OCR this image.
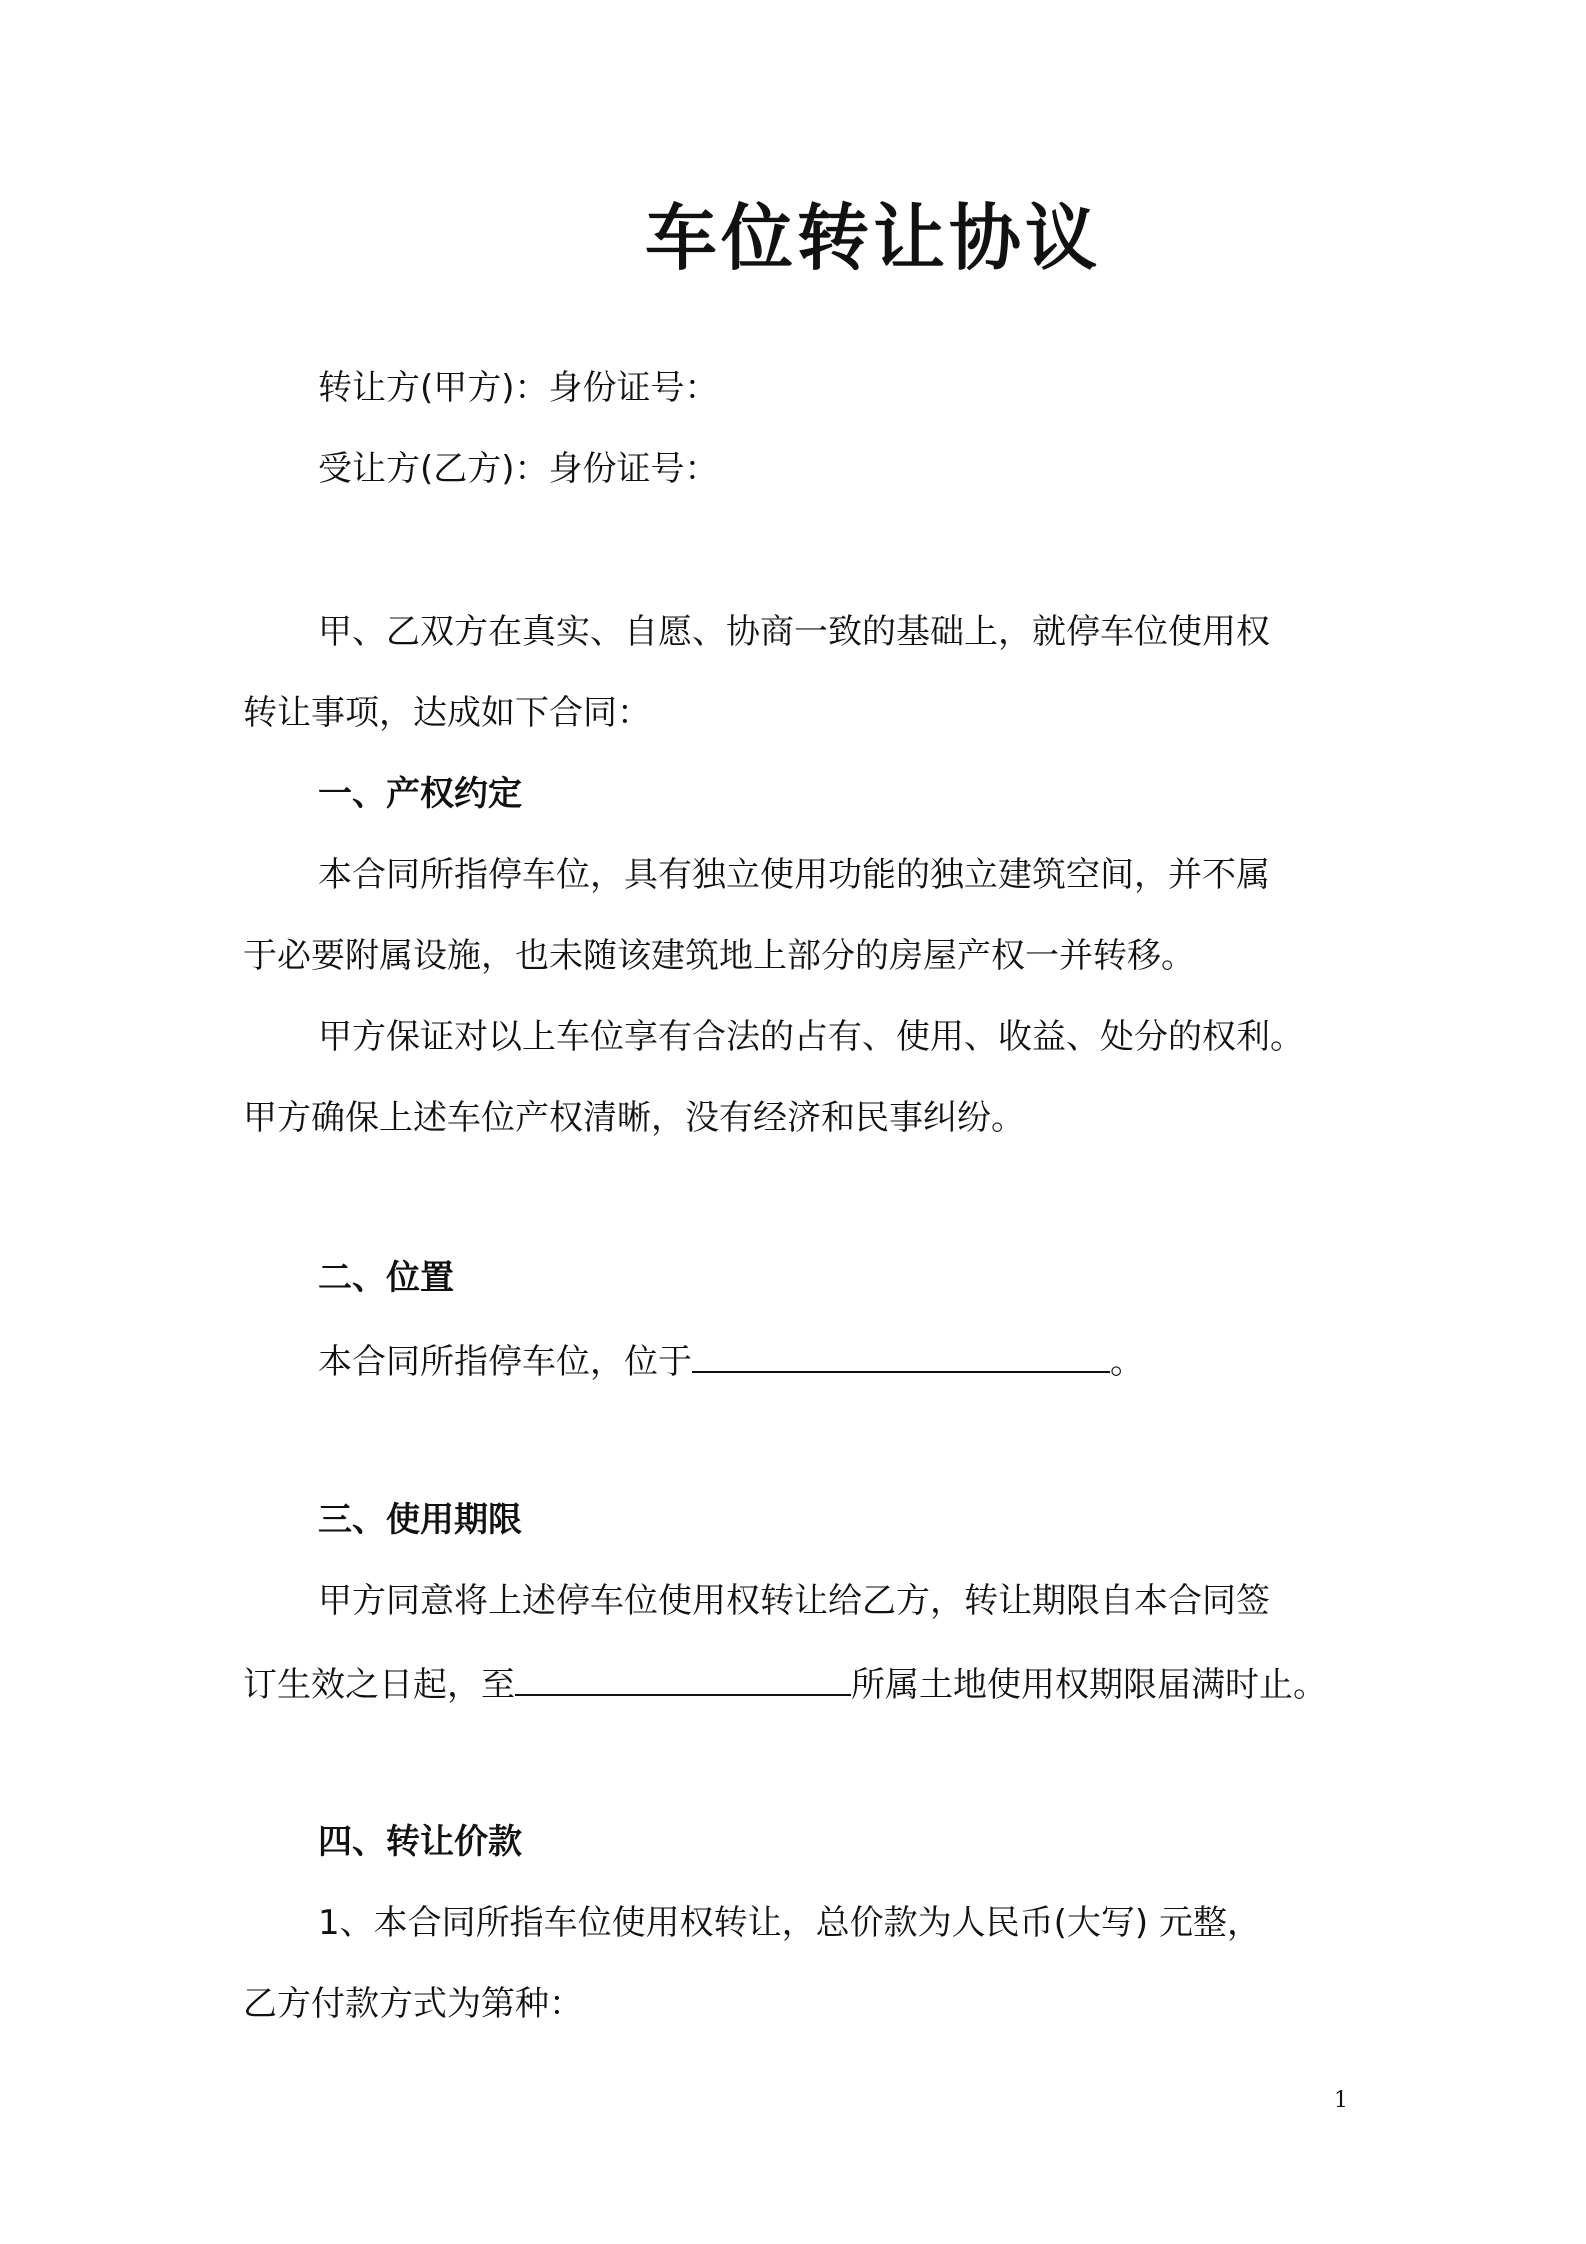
车位转让协议
转让方(甲方)：身份证号：
受让方(乙方)：身份证号：
甲、乙双方在真实、自愿、协商一致的基础上，就停车位使用权
转让事项，达成如下合同：
一、产权约定
本合同所指停车位，具有独立使用功能的独立建筑空间，并不属
于必要附属设施，也未随该建筑地上部分的房屋产权一并转移。
甲方保证对以上车位享有合法的占有、使用、收益、处分的权利。
甲方确保上述车位产权清晰，没有经济和民事纠纷。
二、位置
本合同所指停车位，位于	。
三、使用期限
甲方同意将上述停车位使用权转让给乙方，转让期限自本合同签
订生效之日起，至	所属土地使用权期限届满时止。
四、转让价款
1、本合同所指车位使用权转让，总价款为人民币(大写) 元整，
乙方付款方式为第种：
1
